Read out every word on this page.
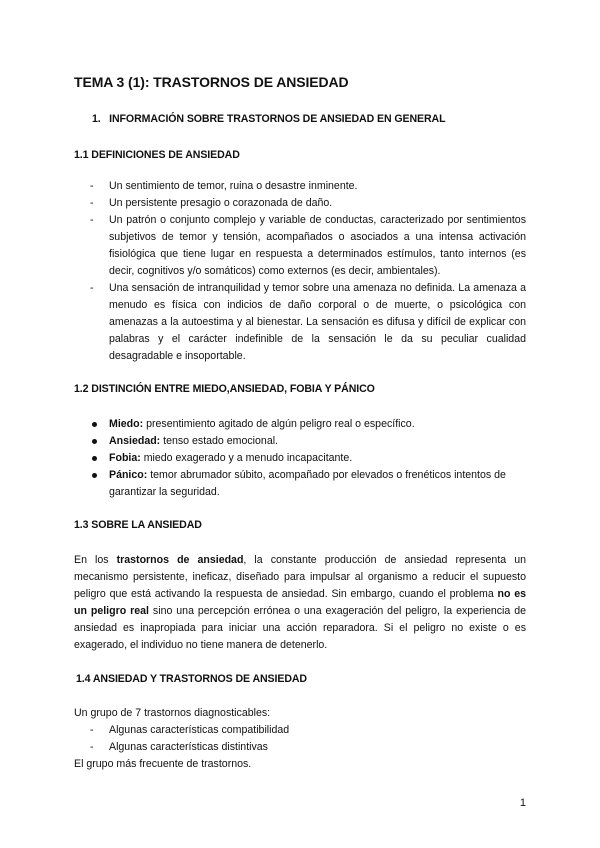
TEMA 3 (1): TRASTORNOS DE ANSIEDAD
1.   INFORMACIÓN SOBRE TRASTORNOS DE ANSIEDAD EN GENERAL
1.1 DEFINICIONES DE ANSIEDAD
- Un sentimiento de temor, ruina o desastre inminente.
- Un persistente presagio o corazonada de daño.
- Un patrón o conjunto complejo y variable de conductas, caracterizado por sentimientos subjetivos de temor y tensión, acompañados o asociados a una intensa activación fisiológica que tiene lugar en respuesta a determinados estímulos, tanto internos (es decir, cognitivos y/o somáticos) como externos (es decir, ambientales).
- Una sensación de intranquilidad y temor sobre una amenaza no definida. La amenaza a menudo es física con indicios de daño corporal o de muerte, o psicológica con amenazas a la autoestima y al bienestar. La sensación es difusa y difícil de explicar con palabras y el carácter indefinible de la sensación le da su peculiar cualidad desagradable e insoportable.
1.2 DISTINCIÓN ENTRE MIEDO,ANSIEDAD, FOBIA Y PÁNICO
Miedo: presentimiento agitado de algún peligro real o específico.
Ansiedad: tenso estado emocional.
Fobia: miedo exagerado y a menudo incapacitante.
Pánico: temor abrumador súbito, acompañado por elevados o frenéticos intentos de garantizar la seguridad.
1.3 SOBRE LA ANSIEDAD

En los trastornos de ansiedad, la constante producción de ansiedad representa un mecanismo persistente, ineficaz, diseñado para impulsar al organismo a reducir el supuesto peligro que está activando la respuesta de ansiedad. Sin embargo, cuando el problema no es un peligro real sino una percepción errónea o una exageración del peligro, la experiencia de ansiedad es inapropiada para iniciar una acción reparadora. Si el peligro no existe o es exagerado, el individuo no tiene manera de detenerlo.

1.4 ANSIEDAD Y TRASTORNOS DE ANSIEDAD
Un grupo de 7 trastornos diagnosticables:
- Algunas características compatibilidad
- Algunas características distintivas
El grupo más frecuente de trastornos.
1
